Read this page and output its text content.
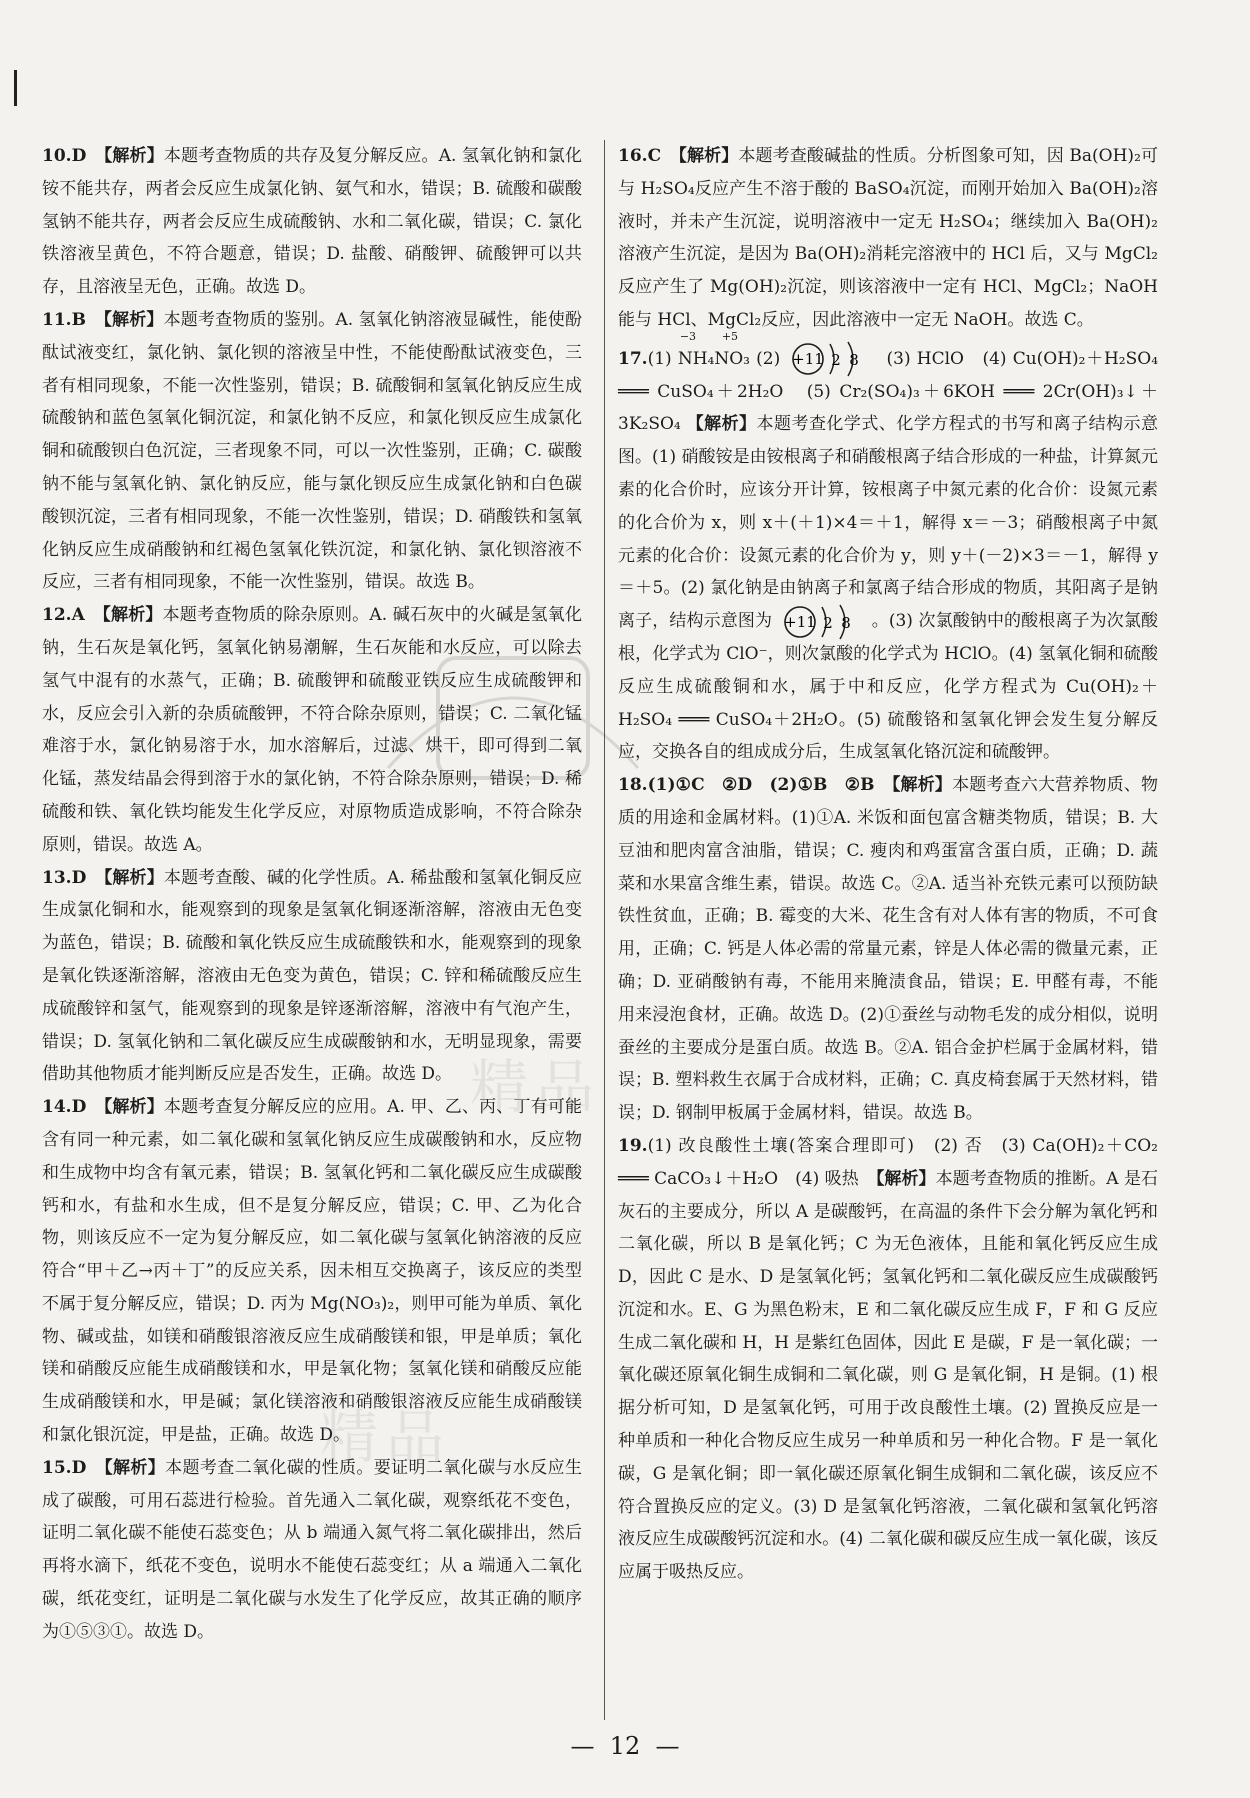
精品
精品

10.D　 【解析】本题考查物质的共存及复分解反应。A. 氢氧化钠和氯化铵不能共存，两者会反应生成氯化钠、氨气和水，错误；B. 硫酸和碳酸氢钠不能共存，两者会反应生成硫酸钠、水和二氧化碳，错误；C. 氯化铁溶液呈黄色，不符合题意，错误；D. 盐酸、硝酸钾、硫酸钾可以共存，且溶液呈无色，正确。故选 D。

11.B　 【解析】本题考查物质的鉴别。A. 氢氧化钠溶液显碱性，能使酚酞试液变红，氯化钠、氯化钡的溶液呈中性，不能使酚酞试液变色，三者有相同现象，不能一次性鉴别，错误；B. 硫酸铜和氢氧化钠反应生成硫酸钠和蓝色氢氧化铜沉淀，和氯化钠不反应，和氯化钡反应生成氯化铜和硫酸钡白色沉淀，三者现象不同，可以一次性鉴别，正确；C. 碳酸钠不能与氢氧化钠、氯化钠反应，能与氯化钡反应生成氯化钠和白色碳酸钡沉淀，三者有相同现象，不能一次性鉴别，错误；D. 硝酸铁和氢氧化钠反应生成硝酸钠和红褐色氢氧化铁沉淀，和氯化钠、氯化钡溶液不反应，三者有相同现象，不能一次性鉴别，错误。故选 B。

12.A　 【解析】本题考查物质的除杂原则。A. 碱石灰中的火碱是氢氧化钠，生石灰是氧化钙，氢氧化钠易潮解，生石灰能和水反应，可以除去氢气中混有的水蒸气，正确；B. 硫酸钾和硫酸亚铁反应生成硫酸钾和水，反应会引入新的杂质硫酸钾，不符合除杂原则，错误；C. 二氧化锰难溶于水，氯化钠易溶于水，加水溶解后，过滤、烘干，即可得到二氧化锰，蒸发结晶会得到溶于水的氯化钠，不符合除杂原则，错误；D. 稀硫酸和铁、氧化铁均能发生化学反应，对原物质造成影响，不符合除杂原则，错误。故选 A。

13.D　 【解析】本题考查酸、碱的化学性质。A. 稀盐酸和氢氧化铜反应生成氯化铜和水，能观察到的现象是氢氧化铜逐渐溶解，溶液由无色变为蓝色，错误；B. 硫酸和氧化铁反应生成硫酸铁和水，能观察到的现象是氧化铁逐渐溶解，溶液由无色变为黄色，错误；C. 锌和稀硫酸反应生成硫酸锌和氢气，能观察到的现象是锌逐渐溶解，溶液中有气泡产生，错误；D. 氢氧化钠和二氧化碳反应生成碳酸钠和水，无明显现象，需要借助其他物质才能判断反应是否发生，正确。故选 D。

14.D　 【解析】本题考查复分解反应的应用。A. 甲、乙、丙、丁有可能含有同一种元素，如二氧化碳和氢氧化钠反应生成碳酸钠和水，反应物和生成物中均含有氧元素，错误；B. 氢氧化钙和二氧化碳反应生成碳酸钙和水，有盐和水生成，但不是复分解反应，错误；C. 甲、乙为化合物，则该反应不一定为复分解反应，如二氧化碳与氢氧化钠溶液的反应符合“甲＋乙→丙＋丁”的反应关系，因未相互交换离子，该反应的类型不属于复分解反应，错误；D. 丙为 Mg(NO₃)₂，则甲可能为单质、氧化物、碱或盐，如镁和硝酸银溶液反应生成硝酸镁和银，甲是单质；氧化镁和硝酸反应能生成硝酸镁和水，甲是氧化物；氢氧化镁和硝酸反应能生成硝酸镁和水，甲是碱；氯化镁溶液和硝酸银溶液反应能生成硝酸镁和氯化银沉淀，甲是盐，正确。故选 D。

15.D　 【解析】本题考查二氧化碳的性质。要证明二氧化碳与水反应生成了碳酸，可用石蕊进行检验。首先通入二氧化碳，观察纸花不变色，证明二氧化碳不能使石蕊变色；从 b 端通入氮气将二氧化碳排出，然后再将水滴下，纸花不变色，说明水不能使石蕊变红；从 a 端通入二氧化碳，纸花变红，证明是二氧化碳与水发生了化学反应，故其正确的顺序为①⑤③①。故选 D。

16.C　 【解析】本题考查酸碱盐的性质。分析图象可知，因 Ba(OH)₂可与 H₂SO₄反应产生不溶于酸的 BaSO₄沉淀，而刚开始加入 Ba(OH)₂溶液时，并未产生沉淀，说明溶液中一定无 H₂SO₄；继续加入 Ba(OH)₂溶液产生沉淀，是因为 Ba(OH)₂消耗完溶液中的 HCl 后，又与 MgCl₂反应产生了 Mg(OH)₂沉淀，则该溶液中一定有 HCl、MgCl₂；NaOH 能与 HCl、MgCl₂反应，因此溶液中一定无 NaOH。故选 C。

17.(1)
−3 +5
NH₄NO₃ (2) +11 2 8 (3) HClO　(4) Cu(OH)₂＋H₂SO₄ ═══ CuSO₄＋2H₂O　(5) Cr₂(SO₄)₃＋6KOH ═══ 2Cr(OH)₃↓＋3K₂SO₄ 【解析】本题考查化学式、化学方程式的书写和离子结构示意图。(1) 硝酸铵是由铵根离子和硝酸根离子结合形成的一种盐，计算氮元素的化合价时，应该分开计算，铵根离子中氮元素的化合价：设氮元素的化合价为 x，则 x＋(＋1)×4＝＋1，解得 x＝－3；硝酸根离子中氮元素的化合价：设氮元素的化合价为 y，则 y＋(－2)×3＝－1，解得 y＝＋5。(2) 氯化钠是由钠离子和氯离子结合形成的物质，其阳离子是钠离子，结构示意图为 +11 2 8 。(3) 次氯酸钠中的酸根离子为次氯酸根，化学式为 ClO⁻，则次氯酸的化学式为 HClO。(4) 氢氧化铜和硫酸反应生成硫酸铜和水，属于中和反应，化学方程式为 Cu(OH)₂＋H₂SO₄ ═══ CuSO₄＋2H₂O。(5) 硫酸铬和氢氧化钾会发生复分解反应，交换各自的组成成分后，生成氢氧化铬沉淀和硫酸钾。

18.(1)①C　②D　(2)①B　②B　 【解析】本题考查六大营养物质、物质的用途和金属材料。(1)①A. 米饭和面包富含糖类物质，错误；B. 大豆油和肥肉富含油脂，错误；C. 瘦肉和鸡蛋富含蛋白质，正确；D. 蔬菜和水果富含维生素，错误。故选 C。②A. 适当补充铁元素可以预防缺铁性贫血，正确；B. 霉变的大米、花生含有对人体有害的物质，不可食用，正确；C. 钙是人体必需的常量元素，锌是人体必需的微量元素，正确；D. 亚硝酸钠有毒，不能用来腌渍食品，错误；E. 甲醛有毒，不能用来浸泡食材，正确。故选 D。(2)①蚕丝与动物毛发的成分相似，说明蚕丝的主要成分是蛋白质。故选 B。②A. 铝合金护栏属于金属材料，错误；B. 塑料救生衣属于合成材料，正确；C. 真皮椅套属于天然材料，错误；D. 钢制甲板属于金属材料，错误。故选 B。

19.(1) 改良酸性土壤(答案合理即可)　(2) 否　(3) Ca(OH)₂＋CO₂ ═══ CaCO₃↓＋H₂O　(4) 吸热　 【解析】本题考查物质的推断。A 是石灰石的主要成分，所以 A 是碳酸钙，在高温的条件下会分解为氧化钙和二氧化碳，所以 B 是氧化钙；C 为无色液体，且能和氧化钙反应生成 D，因此 C 是水、D 是氢氧化钙；氢氧化钙和二氧化碳反应生成碳酸钙沉淀和水。E、G 为黑色粉末，E 和二氧化碳反应生成 F，F 和 G 反应生成二氧化碳和 H，H 是紫红色固体，因此 E 是碳，F 是一氧化碳；一氧化碳还原氧化铜生成铜和二氧化碳，则 G 是氧化铜，H 是铜。(1) 根据分析可知，D 是氢氧化钙，可用于改良酸性土壤。(2) 置换反应是一种单质和一种化合物反应生成另一种单质和另一种化合物。F 是一氧化碳，G 是氧化铜；即一氧化碳还原氧化铜生成铜和二氧化碳，该反应不符合置换反应的定义。(3) D 是氢氧化钙溶液，二氧化碳和氢氧化钙溶液反应生成碳酸钙沉淀和水。(4) 二氧化碳和碳反应生成一氧化碳，该反应属于吸热反应。

— 12 —
